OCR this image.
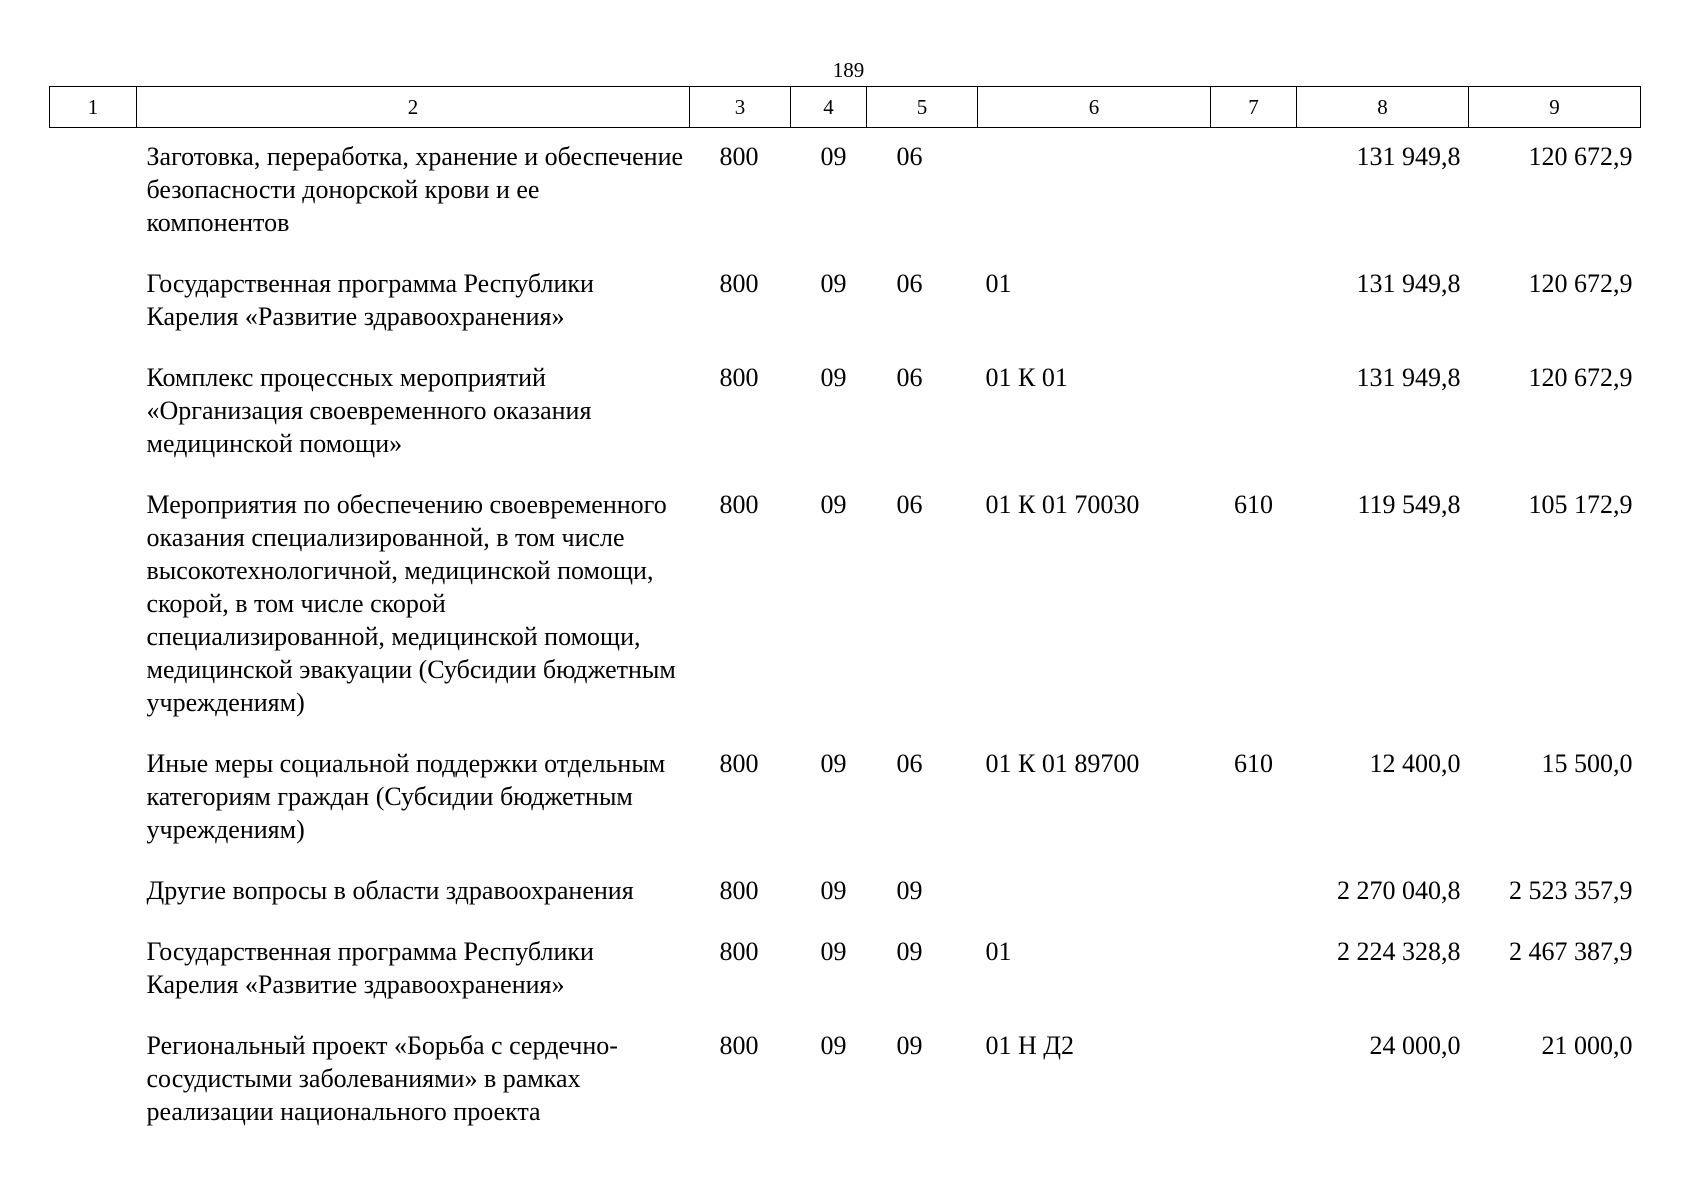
189
1	2	3	4	5	6	7	8	9
	Заготовка, переработка, хранение и обеспечение безопасности донорской крови и ее компонентов	800	09	06			131 949,8	120 672,9
	Государственная программа Республики Карелия «Развитие здравоохранения»	800	09	06	01		131 949,8	120 672,9
	Комплекс процессных мероприятий «Организация своевременного оказания медицинской помощи»	800	09	06	01 К 01		131 949,8	120 672,9
	Мероприятия по обеспечению своевременного оказания специализированной, в том числе высокотехнологичной, медицинской помощи, скорой, в том числе скорой специализированной, медицинской помощи, медицинской эвакуации (Субсидии бюджетным учреждениям)	800	09	06	01 К 01 70030	610	119 549,8	105 172,9
	Иные меры социальной поддержки отдельным категориям граждан (Субсидии бюджетным учреждениям)	800	09	06	01 К 01 89700	610	12 400,0	15 500,0
	Другие вопросы в области здравоохранения	800	09	09			2 270 040,8	2 523 357,9
	Государственная программа Республики Карелия «Развитие здравоохранения»	800	09	09	01		2 224 328,8	2 467 387,9
	Региональный проект «Борьба с сердечно-сосудистыми заболеваниями» в рамках реализации национального проекта	800	09	09	01 Н Д2		24 000,0	21 000,0
